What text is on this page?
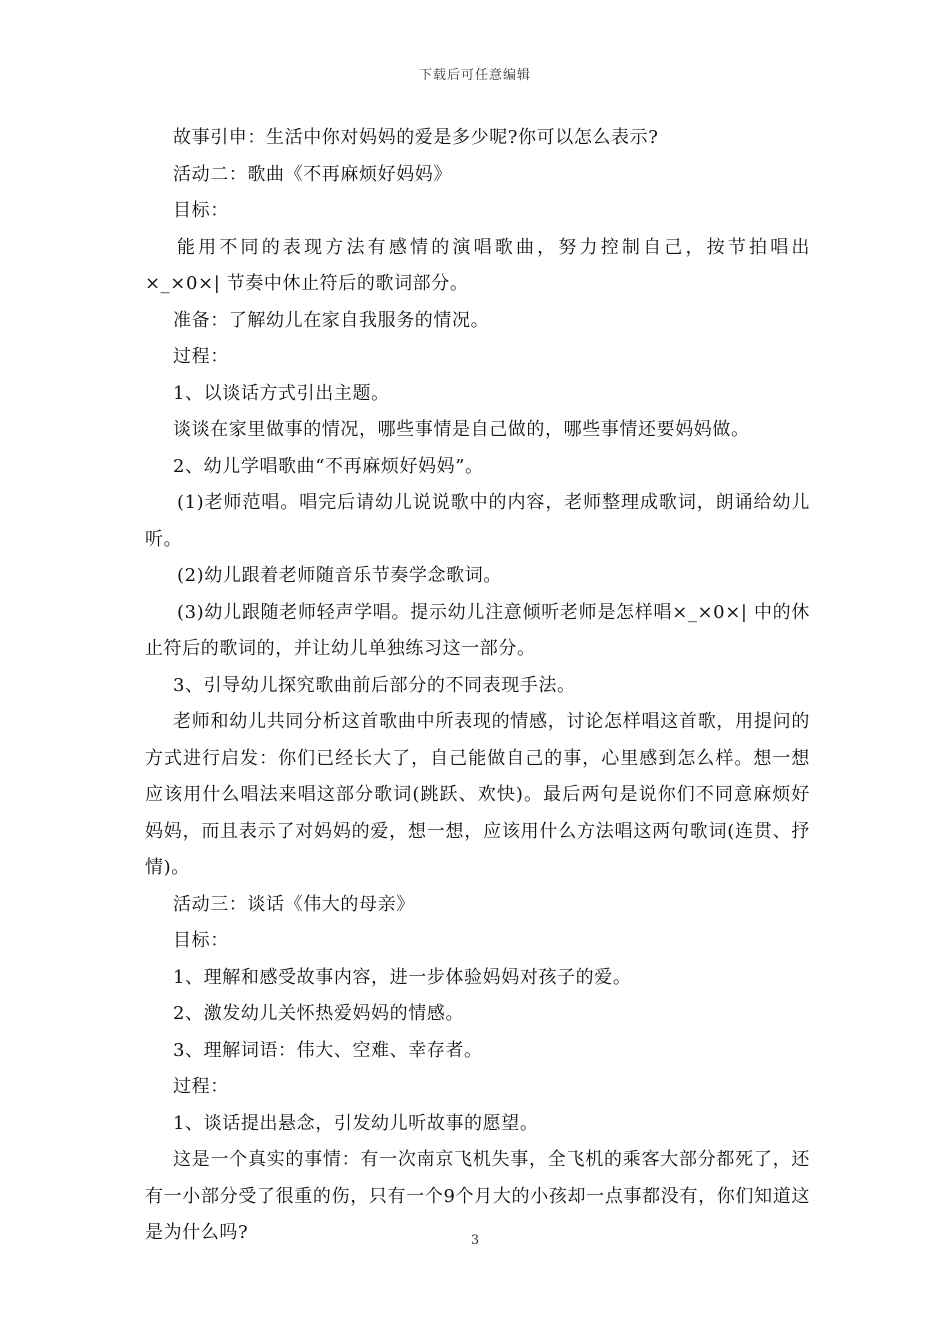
下载后可任意编辑

故事引申：生活中你对妈妈的爱是多少呢?你可以怎么表示?

活动二：歌曲《不再麻烦好妈妈》

目标：

能用不同的表现方法有感情的演唱歌曲，努力控制自己，按节拍唱出×_×0×| 节奏中休止符后的歌词部分。

准备：了解幼儿在家自我服务的情况。

过程：

1、以谈话方式引出主题。

谈谈在家里做事的情况，哪些事情是自己做的，哪些事情还要妈妈做。

2、幼儿学唱歌曲“不再麻烦好妈妈”。

(1)老师范唱。唱完后请幼儿说说歌中的内容，老师整理成歌词，朗诵给幼儿听。

(2)幼儿跟着老师随音乐节奏学念歌词。

(3)幼儿跟随老师轻声学唱。提示幼儿注意倾听老师是怎样唱×_×0×| 中的休止符后的歌词的，并让幼儿单独练习这一部分。

3、引导幼儿探究歌曲前后部分的不同表现手法。

老师和幼儿共同分析这首歌曲中所表现的情感，讨论怎样唱这首歌，用提问的方式进行启发：你们已经长大了，自己能做自己的事，心里感到怎么样。想一想应该用什么唱法来唱这部分歌词(跳跃、欢快)。最后两句是说你们不同意麻烦好妈妈，而且表示了对妈妈的爱，想一想，应该用什么方法唱这两句歌词(连贯、抒情)。

活动三：谈话《伟大的母亲》

目标：

1、理解和感受故事内容，进一步体验妈妈对孩子的爱。

2、激发幼儿关怀热爱妈妈的情感。

3、理解词语：伟大、空难、幸存者。

过程：

1、谈话提出悬念，引发幼儿听故事的愿望。

这是一个真实的事情：有一次南京飞机失事，全飞机的乘客大部分都死了，还有一小部分受了很重的伤，只有一个9个月大的小孩却一点事都没有，你们知道这是为什么吗?	3
